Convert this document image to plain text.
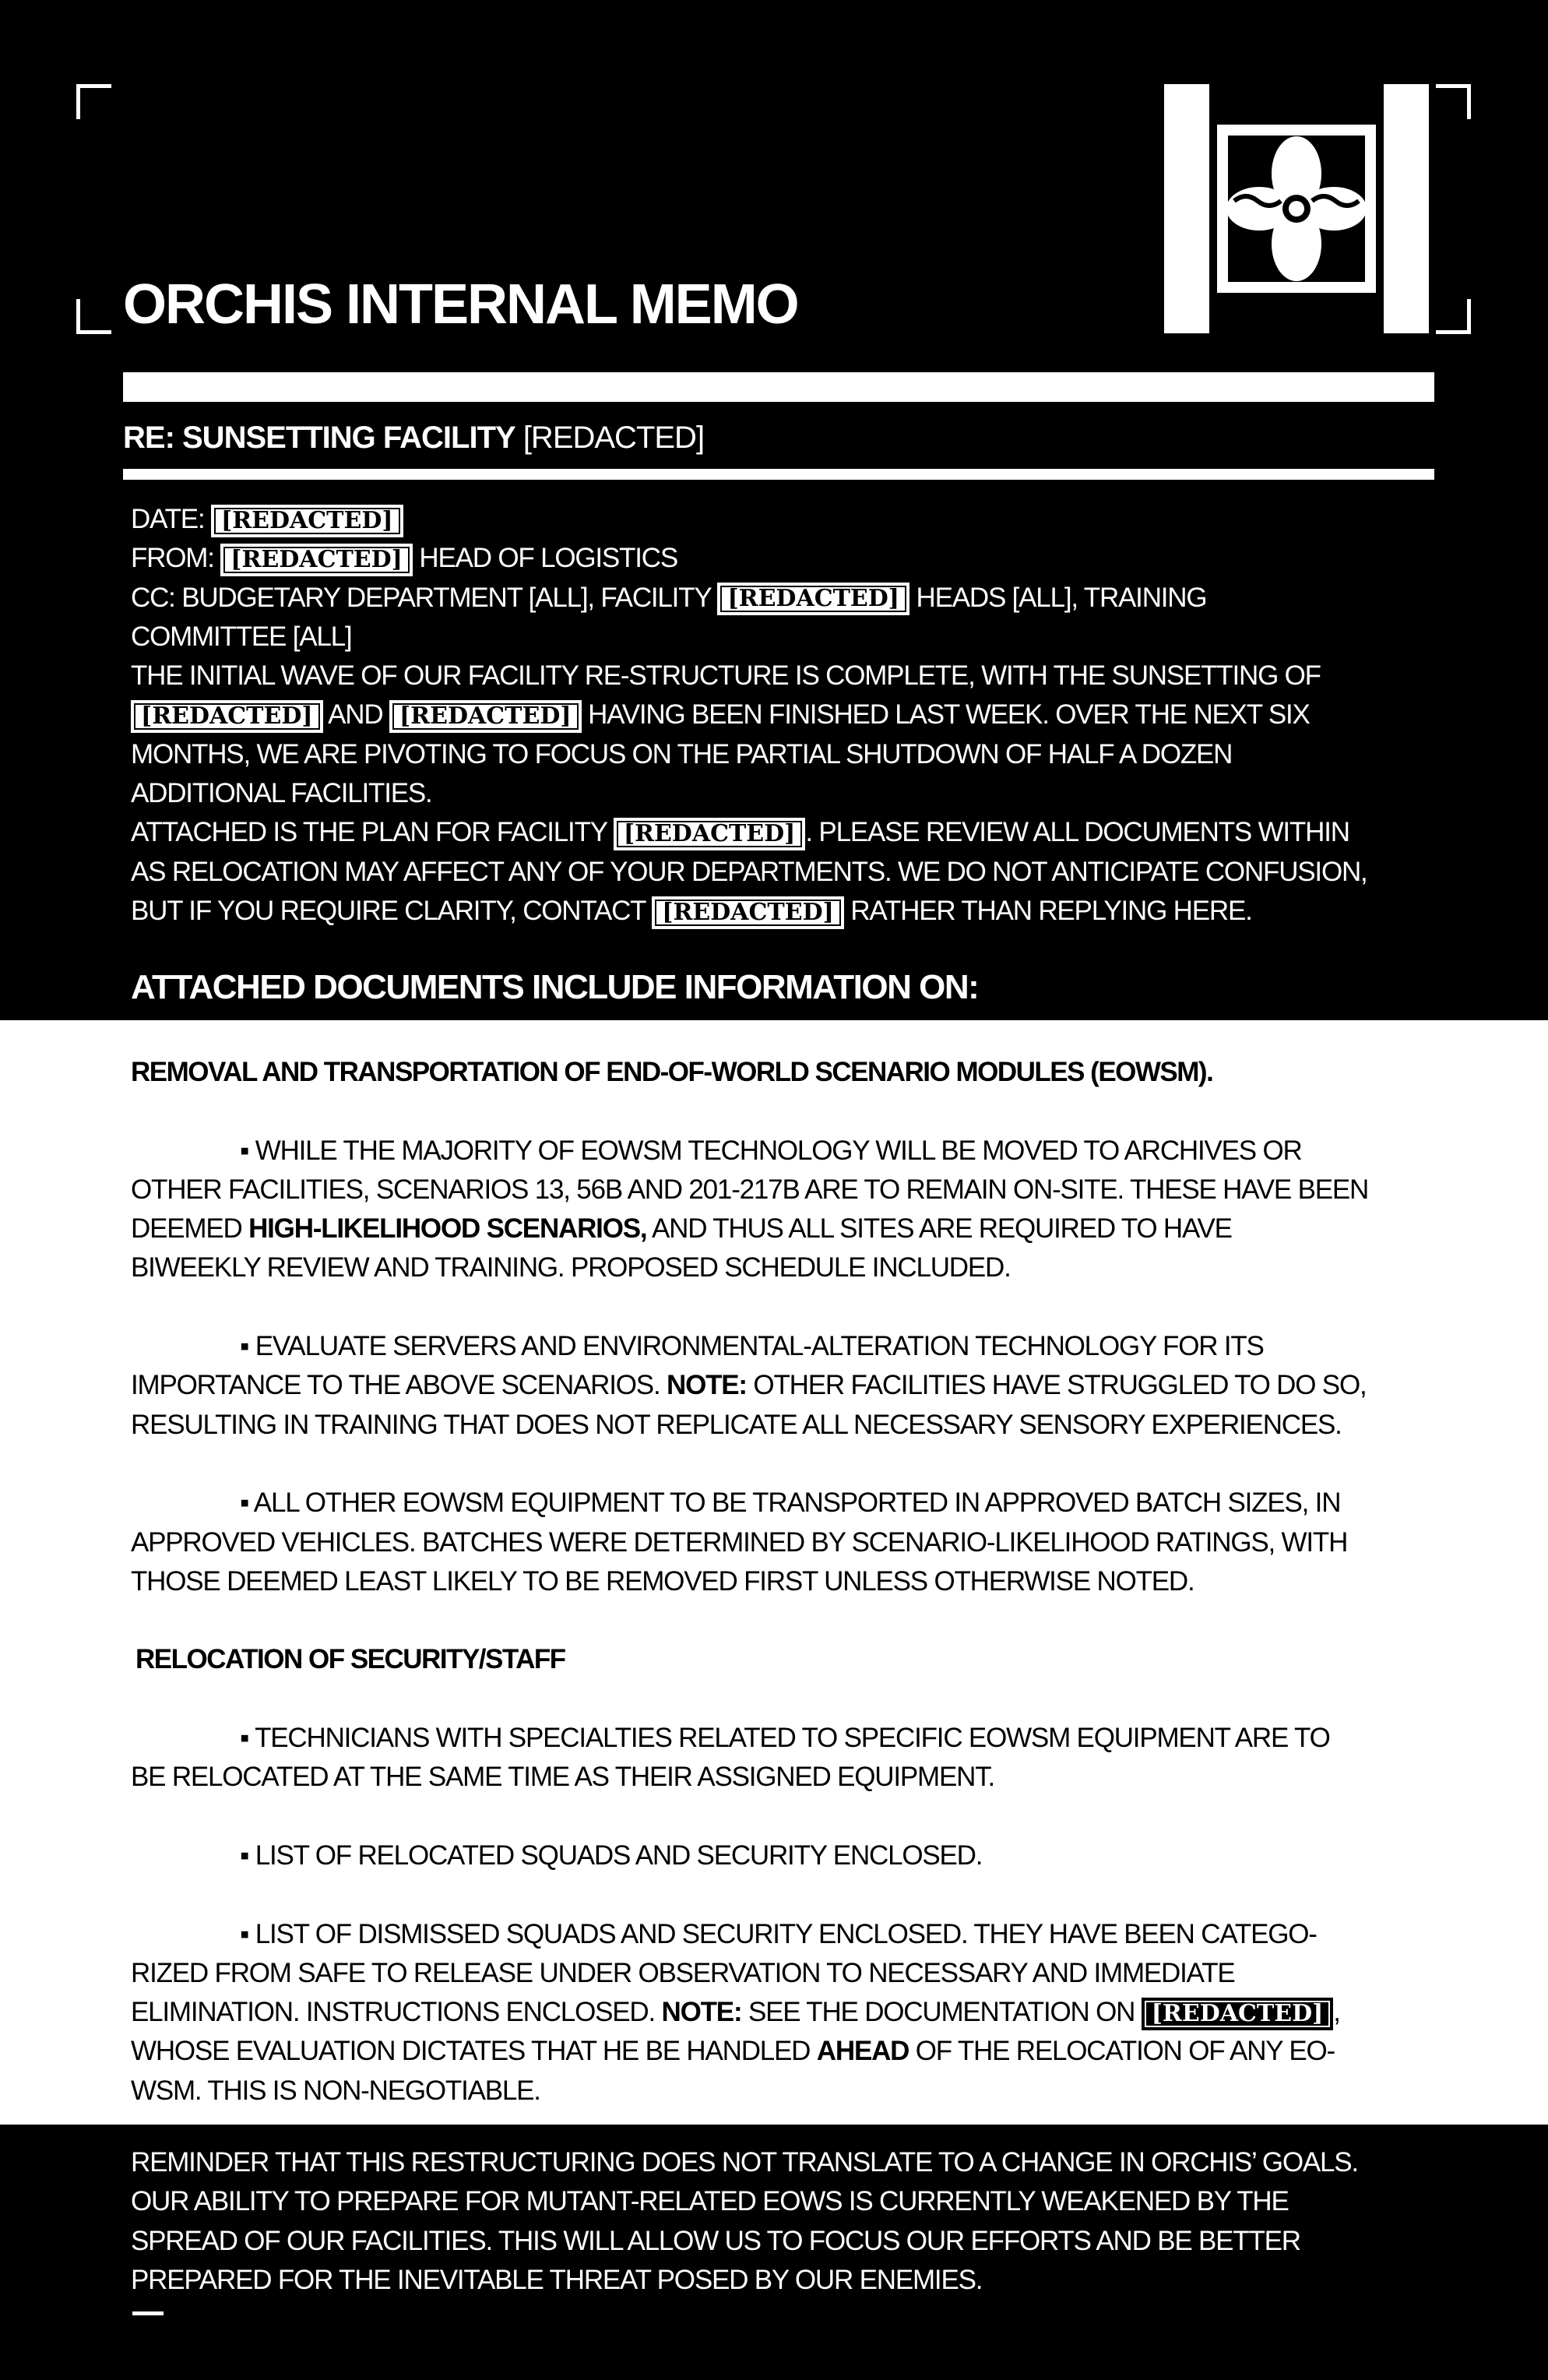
ORCHIS INTERNAL MEMO
RE: SUNSETTING FACILITY [REDACTED]
DATE: [REDACTED]
FROM: [REDACTED] HEAD OF LOGISTICS
CC: BUDGETARY DEPARTMENT [ALL], FACILITY [REDACTED] HEADS [ALL], TRAINING
COMMITTEE [ALL]
THE INITIAL WAVE OF OUR FACILITY RE-STRUCTURE IS COMPLETE, WITH THE SUNSETTING OF
[REDACTED] AND [REDACTED] HAVING BEEN FINISHED LAST WEEK. OVER THE NEXT SIX
MONTHS, WE ARE PIVOTING TO FOCUS ON THE PARTIAL SHUTDOWN OF HALF A DOZEN
ADDITIONAL FACILITIES.
ATTACHED IS THE PLAN FOR FACILITY [REDACTED] . PLEASE REVIEW ALL DOCUMENTS WITHIN
AS RELOCATION MAY AFFECT ANY OF YOUR DEPARTMENTS. WE DO NOT ANTICIPATE CONFUSION,
BUT IF YOU REQUIRE CLARITY, CONTACT [REDACTED] RATHER THAN REPLYING HERE.
ATTACHED DOCUMENTS INCLUDE INFORMATION ON:
REMOVAL AND TRANSPORTATION OF END-OF-WORLD SCENARIO MODULES (EOWSM).
▪ WHILE THE MAJORITY OF EOWSM TECHNOLOGY WILL BE MOVED TO ARCHIVES OR
OTHER FACILITIES, SCENARIOS 13, 56B AND 201-217B ARE TO REMAIN ON-SITE. THESE HAVE BEEN
DEEMED HIGH-LIKELIHOOD SCENARIOS, AND THUS ALL SITES ARE REQUIRED TO HAVE
BIWEEKLY REVIEW AND TRAINING. PROPOSED SCHEDULE INCLUDED.
▪ EVALUATE SERVERS AND ENVIRONMENTAL-ALTERATION TECHNOLOGY FOR ITS
IMPORTANCE TO THE ABOVE SCENARIOS. NOTE: OTHER FACILITIES HAVE STRUGGLED TO DO SO,
RESULTING IN TRAINING THAT DOES NOT REPLICATE ALL NECESSARY SENSORY EXPERIENCES.
▪ ALL OTHER EOWSM EQUIPMENT TO BE TRANSPORTED IN APPROVED BATCH SIZES, IN
APPROVED VEHICLES. BATCHES WERE DETERMINED BY SCENARIO-LIKELIHOOD RATINGS, WITH
THOSE DEEMED LEAST LIKELY TO BE REMOVED FIRST UNLESS OTHERWISE NOTED.
RELOCATION OF SECURITY/STAFF
▪ TECHNICIANS WITH SPECIALTIES RELATED TO SPECIFIC EOWSM EQUIPMENT ARE TO
BE RELOCATED AT THE SAME TIME AS THEIR ASSIGNED EQUIPMENT.
▪ LIST OF RELOCATED SQUADS AND SECURITY ENCLOSED.
▪ LIST OF DISMISSED SQUADS AND SECURITY ENCLOSED. THEY HAVE BEEN CATEGO-
RIZED FROM SAFE TO RELEASE UNDER OBSERVATION TO NECESSARY AND IMMEDIATE
ELIMINATION. INSTRUCTIONS ENCLOSED. NOTE: SEE THE DOCUMENTATION ON [REDACTED] ,
WHOSE EVALUATION DICTATES THAT HE BE HANDLED AHEAD OF THE RELOCATION OF ANY EO-
WSM. THIS IS NON-NEGOTIABLE.
REMINDER THAT THIS RESTRUCTURING DOES NOT TRANSLATE TO A CHANGE IN ORCHIS’ GOALS.
OUR ABILITY TO PREPARE FOR MUTANT-RELATED EOWS IS CURRENTLY WEAKENED BY THE
SPREAD OF OUR FACILITIES. THIS WILL ALLOW US TO FOCUS OUR EFFORTS AND BE BETTER
PREPARED FOR THE INEVITABLE THREAT POSED BY OUR ENEMIES.
